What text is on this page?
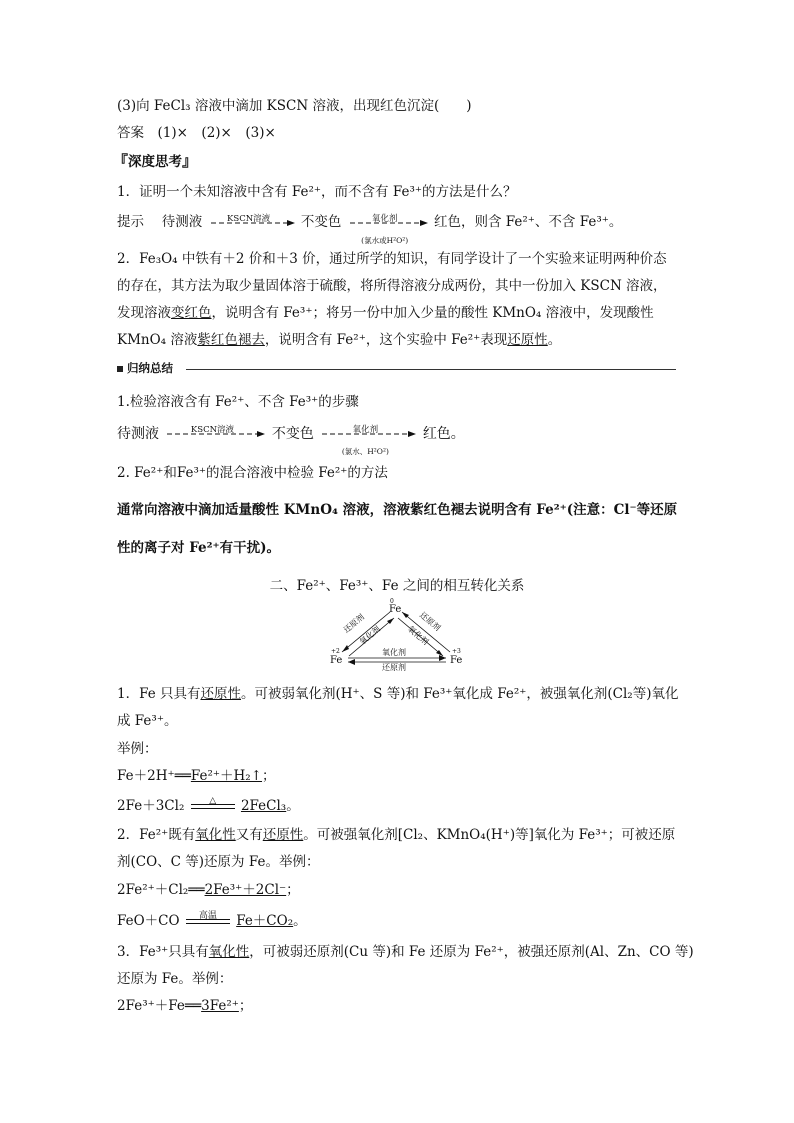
(3)向 FeCl₃ 溶液中滴加 KSCN 溶液，出现红色沉淀(　　)
答案　 (1)×　(2)×　(3)×
『深度思考』
1．证明一个未知溶液中含有 Fe²⁺，而不含有 Fe³⁺的方法是什么？
提示　 待测液	KSCN溶液	不变色	氧化剂
(氯水或H²O²)
红色，则含 Fe²⁺、不含 Fe³⁺。
2．Fe₃O₄ 中铁有＋2 价和＋3 价，通过所学的知识，有同学设计了一个实验来证明两种价态
的存在，其方法为取少量固体溶于硫酸，将所得溶液分成两份，其中一份加入 KSCN 溶液，
发现溶液变红色，说明含有 Fe³⁺；将另一份中加入少量的酸性 KMnO₄ 溶液中，发现酸性
KMnO₄ 溶液紫红色褪去，说明含有 Fe²⁺，这个实验中 Fe²⁺表现还原性。
归纳总结
1.检验溶液含有 Fe²⁺、不含 Fe³⁺的步骤
待测液	KSCN溶液	不变色	氧化剂
(氯水、H²O²)
红色。
2. Fe²⁺和Fe³⁺的混合溶液中检验 Fe²⁺的方法
通常向溶液中滴加适量酸性 KMnO₄ 溶液，溶液紫红色褪去说明含有 Fe²⁺(注意：Cl⁻等还原
性的离子对 Fe²⁺有干扰)。
二、Fe²⁺、Fe³⁺、Fe 之间的相互转化关系
0
Fe
+2
Fe
+3
Fe
还原剂
氧化剂
还原剂
氧化剂
氧化剂
还原剂
1．Fe 只具有还原性。可被弱氧化剂(H⁺、S 等)和 Fe³⁺氧化成 Fe²⁺，被强氧化剂(Cl₂等)氧化
成 Fe³⁺。
举例：
Fe＋2H⁺══Fe²⁺＋H₂↑；
2Fe＋3Cl₂	△	2FeCl₃。
2．Fe²⁺既有氧化性又有还原性。可被强氧化剂[Cl₂、KMnO₄(H⁺)等]氧化为 Fe³⁺；可被还原
剂(CO、C 等)还原为 Fe。举例：
2Fe²⁺＋Cl₂══2Fe³⁺＋2Cl⁻；
FeO＋CO	高温	Fe＋CO₂。
3．Fe³⁺只具有氧化性，可被弱还原剂(Cu 等)和 Fe 还原为 Fe²⁺，被强还原剂(Al、Zn、CO 等)
还原为 Fe。举例：
2Fe³⁺＋Fe══3Fe²⁺；
